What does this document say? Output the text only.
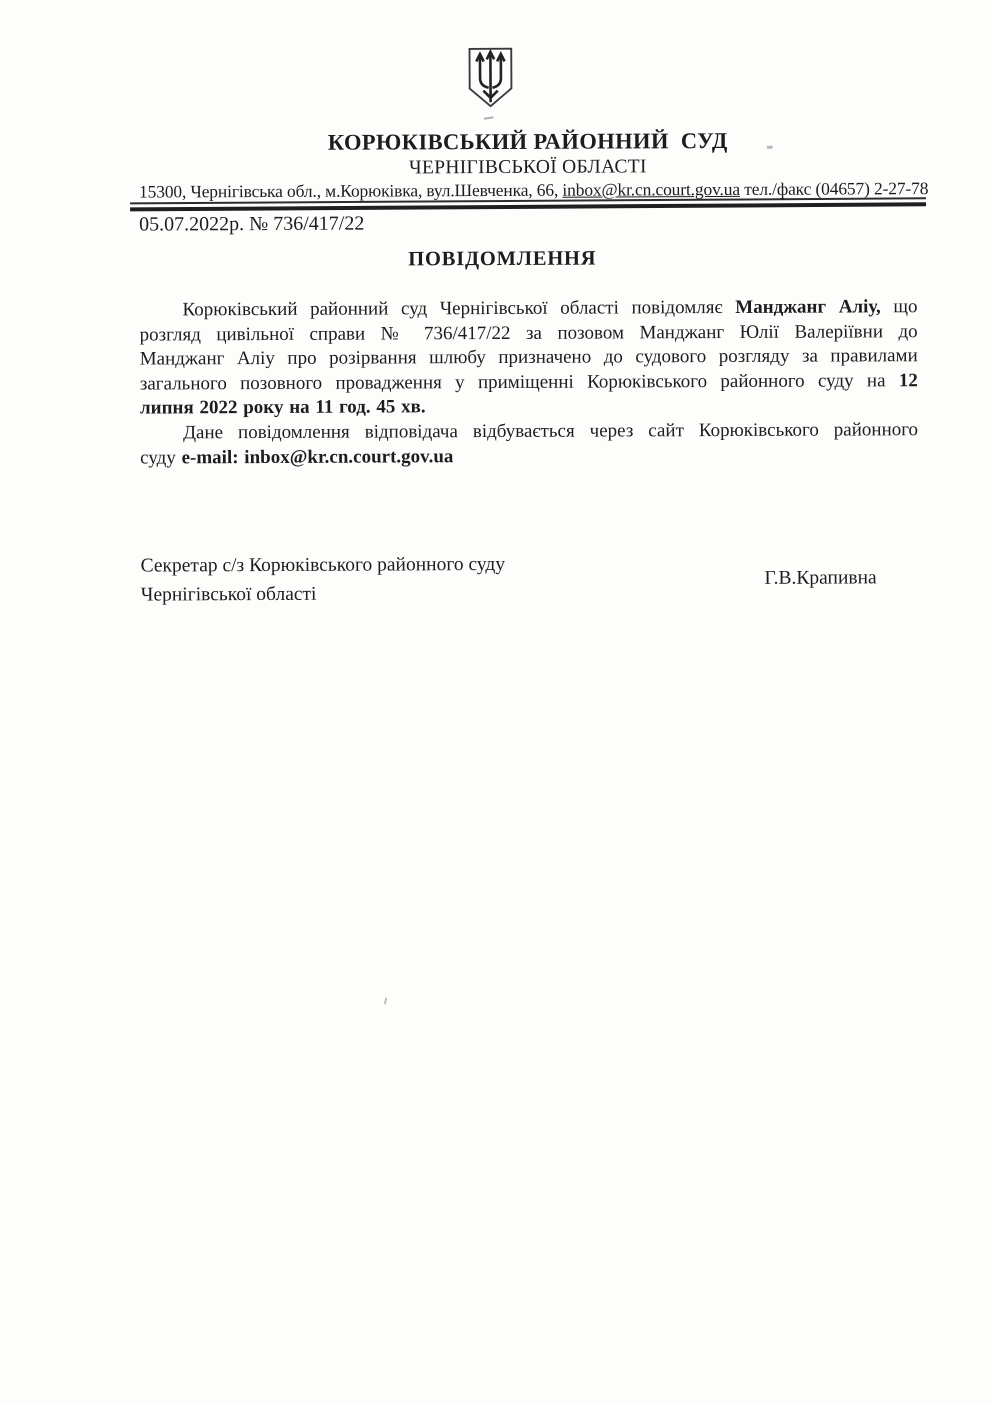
КОРЮКІВСЬКИЙ РАЙОННИЙ  СУД
ЧЕРНІГІВСЬКОЇ ОБЛАСТІ
15300, Чернігівська обл., м.Корюківка, вул.Шевченка, 66, inbox@kr.cn.court.gov.ua тел./факс (04657) 2-27-78
05.07.2022р. № 736/417/22
ПОВІДОМЛЕННЯ

Корюківський районний суд Чернігівської області повідомляє Манджанг Аліу, що
розгляд цивільної справи № 736/417/22 за позовом Манджанг Юлії Валеріївни до
Манджанг Аліу про розірвання шлюбу призначено до судового розгляду за правилами
загального позовного провадження у приміщенні Корюківського районного суду на 12
липня 2022 року на 11 год. 45 хв.

Дане повідомлення відповідача відбувається через сайт Корюківського районного
суду e-mail: inbox@kr.cn.court.gov.ua

Секретар с/з Корюківського районного суду
Чернігівської області
Г.В.Крапивна
